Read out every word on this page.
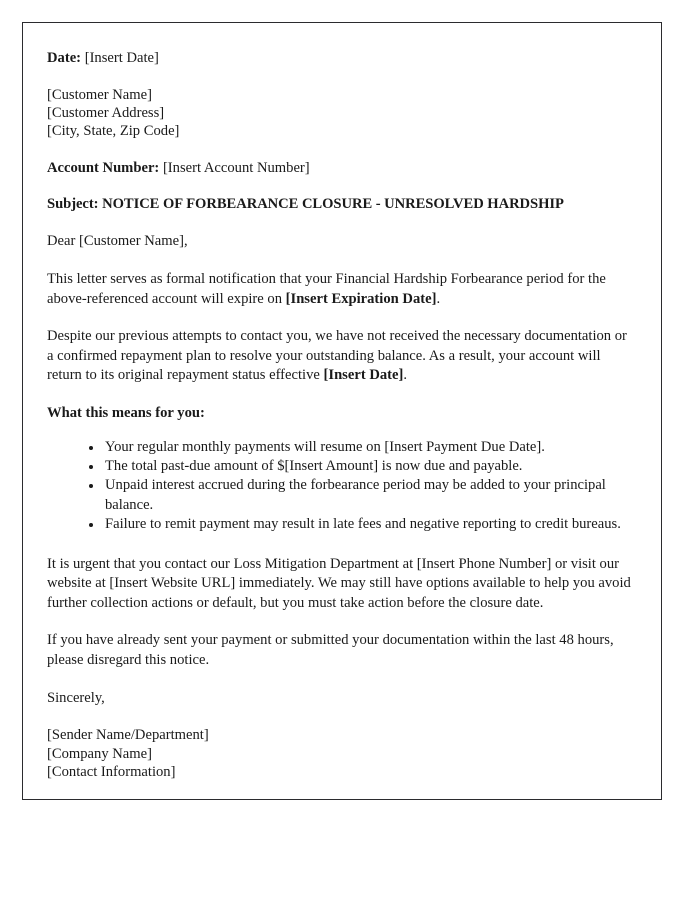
Date: [Insert Date]
[Customer Name]
[Customer Address]
[City, State, Zip Code]
Account Number: [Insert Account Number]
Subject: NOTICE OF FORBEARANCE CLOSURE - UNRESOLVED HARDSHIP
Dear [Customer Name],
This letter serves as formal notification that your Financial Hardship Forbearance period for the above-referenced account will expire on [Insert Expiration Date].
Despite our previous attempts to contact you, we have not received the necessary documentation or a confirmed repayment plan to resolve your outstanding balance. As a result, your account will return to its original repayment status effective [Insert Date].
What this means for you:
Your regular monthly payments will resume on [Insert Payment Due Date].
The total past-due amount of $[Insert Amount] is now due and payable.
Unpaid interest accrued during the forbearance period may be added to your principal balance.
Failure to remit payment may result in late fees and negative reporting to credit bureaus.
It is urgent that you contact our Loss Mitigation Department at [Insert Phone Number] or visit our website at [Insert Website URL] immediately. We may still have options available to help you avoid further collection actions or default, but you must take action before the closure date.
If you have already sent your payment or submitted your documentation within the last 48 hours, please disregard this notice.
Sincerely,
[Sender Name/Department]
[Company Name]
[Contact Information]
